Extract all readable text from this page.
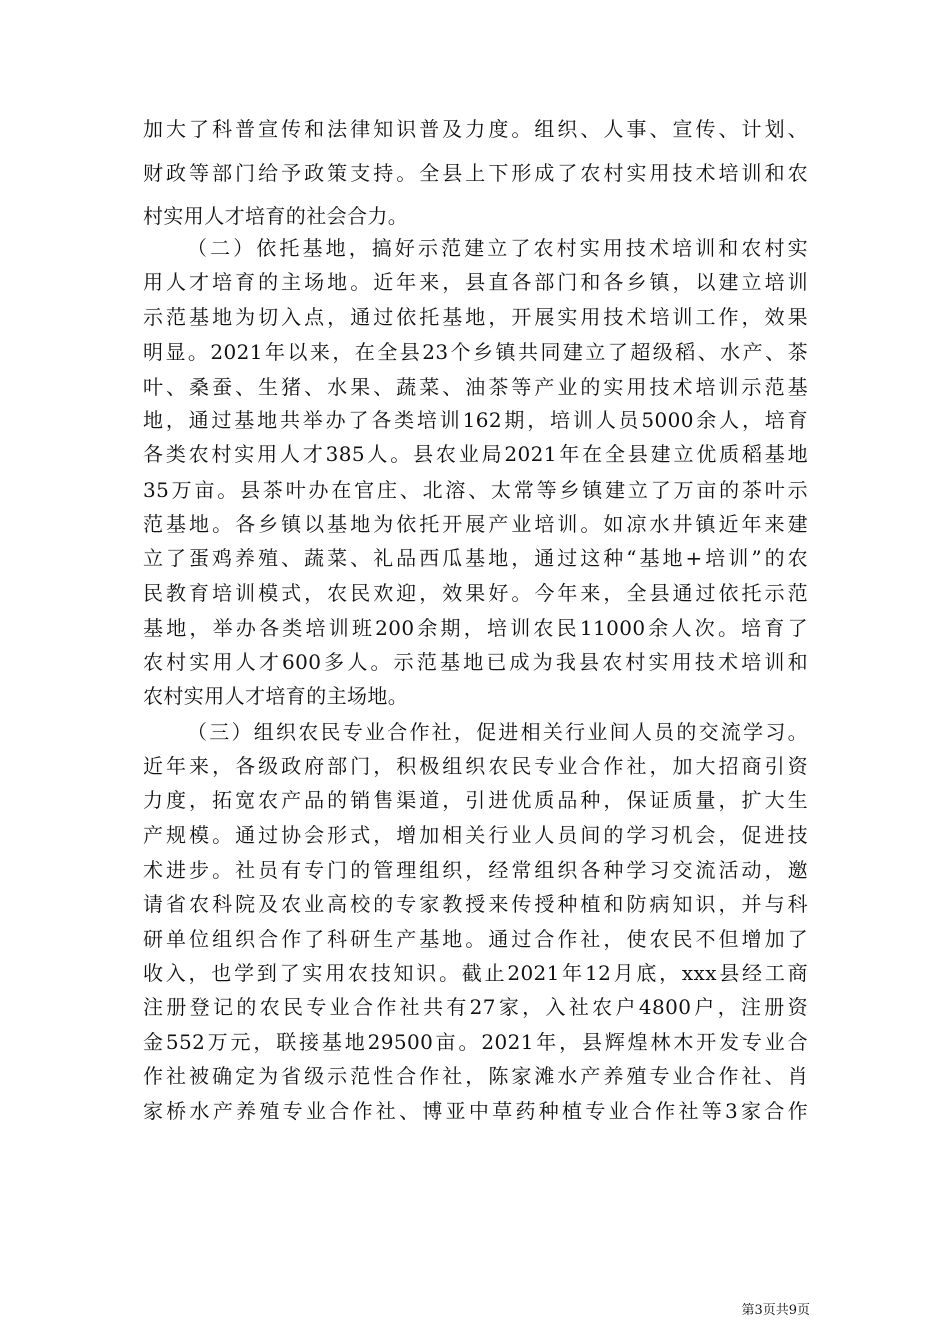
加大了科普宣传和法律知识普及力度。组织、人事、宣传、计划、
财政等部门给予政策支持。全县上下形成了农村实用技术培训和农
村实用人才培育的社会合力。
（二）依托基地，搞好示范建立了农村实用技术培训和农村实
用人才培育的主场地。近年来，县直各部门和各乡镇，以建立培训
示范基地为切入点，通过依托基地，开展实用技术培训工作，效果
明显。2021年以来，在全县23个乡镇共同建立了超级稻、水产、茶
叶、桑蚕、生猪、水果、蔬菜、油茶等产业的实用技术培训示范基
地，通过基地共举办了各类培训162期，培训人员5000余人，培育
各类农村实用人才385人。县农业局2021年在全县建立优质稻基地
35万亩。县茶叶办在官庄、北溶、太常等乡镇建立了万亩的茶叶示
范基地。各乡镇以基地为依托开展产业培训。如凉水井镇近年来建
立了蛋鸡养殖、蔬菜、礼品西瓜基地，通过这种“基地+培训”的农
民教育培训模式，农民欢迎，效果好。今年来，全县通过依托示范
基地，举办各类培训班200余期，培训农民11000余人次。培育了
农村实用人才600多人。示范基地已成为我县农村实用技术培训和
农村实用人才培育的主场地。
（三）组织农民专业合作社，促进相关行业间人员的交流学习。
近年来，各级政府部门，积极组织农民专业合作社，加大招商引资
力度，拓宽农产品的销售渠道，引进优质品种，保证质量，扩大生
产规模。通过协会形式，增加相关行业人员间的学习机会，促进技
术进步。社员有专门的管理组织，经常组织各种学习交流活动，邀
请省农科院及农业高校的专家教授来传授种植和防病知识，并与科
研单位组织合作了科研生产基地。通过合作社，使农民不但增加了
收入，也学到了实用农技知识。截止2021年12月底，xxx县经工商
注册登记的农民专业合作社共有27家，入社农户4800户，注册资
金552万元，联接基地29500亩。2021年，县辉煌林木开发专业合
作社被确定为省级示范性合作社，陈家滩水产养殖专业合作社、肖
家桥水产养殖专业合作社、博亚中草药种植专业合作社等3家合作
第3页共9页
